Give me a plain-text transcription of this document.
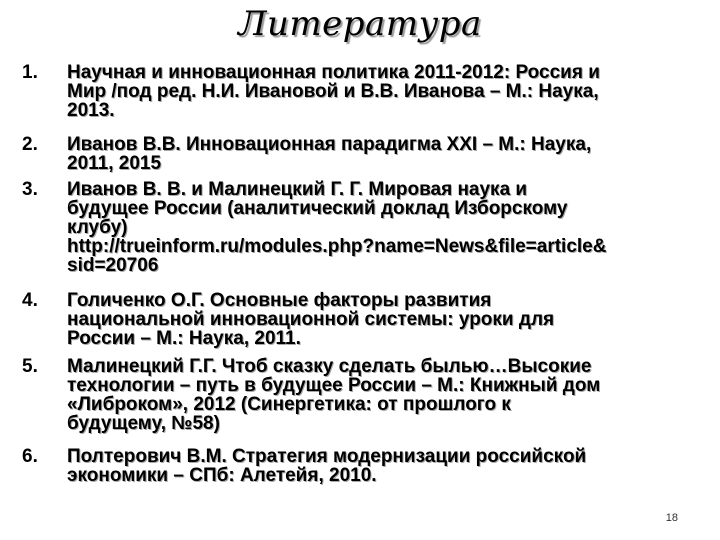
Литература
1. Научная и инновационная политика 2011-2012: Россия и
Мир /под ред. Н.И. Ивановой и В.В. Иванова – М.: Наука,
2013.
2. Иванов В.В. Инновационная парадигма XXI – М.: Наука,
2011, 2015
3. Иванов В. В. и Малинецкий Г. Г. Мировая наука и
будущее России (аналитический доклад Изборскому
клубу)
http://trueinform.ru/modules.php?name=News&file=article&
sid=20706
4. Голиченко О.Г. Основные факторы развития
национальной инновационной системы: уроки для
России – М.: Наука, 2011.
5. Малинецкий Г.Г. Чтоб сказку сделать былью…Высокие
технологии – путь в будущее России – М.: Книжный дом
«Либроком», 2012 (Синергетика: от прошлого к
будущему, №58)
6. Полтерович В.М. Стратегия модернизации российской
экономики – СПб: Алетейя, 2010.
18
